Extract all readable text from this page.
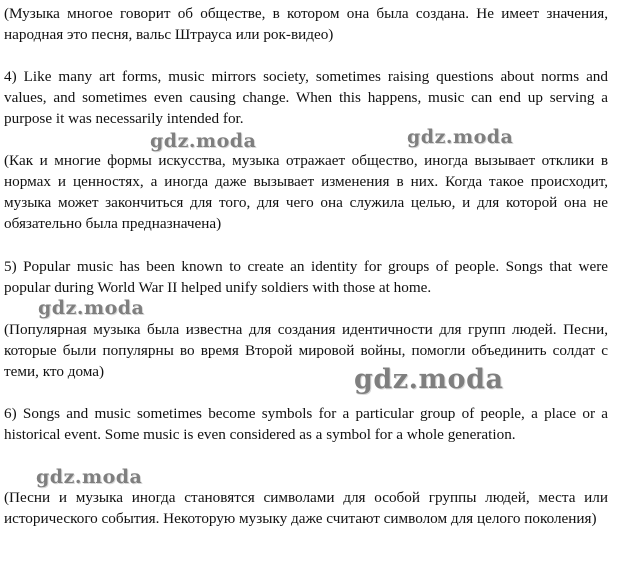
(Музыка многое говорит об обществе, в котором она была создана. Не имеет значения, народная это песня, вальс Штрауса или рок-видео)

4) Like many art forms, music mirrors society, sometimes raising questions about norms and values, and sometimes even causing change. When this happens, music can end up serving a purpose it was necessarily intended for.

(Как и многие формы искусства, музыка отражает общество, иногда вызывает отклики в нормах и ценностях, а иногда даже вызывает изменения в них. Когда такое происходит, музыка может закончиться для того, для чего она служила целью, и для которой она не обязательно была предназначена)

5) Popular music has been known to create an identity for groups of people. Songs that were popular during World War II helped unify soldiers with those at home.

(Популярная музыка была известна для создания идентичности для групп людей. Песни, которые были популярны во время Второй мировой войны, помогли объединить солдат с теми, кто дома)

6) Songs and music sometimes become symbols for a particular group of people, a place or a historical event. Some music is even considered as a symbol for a whole generation.

(Песни и музыка иногда становятся символами для особой группы людей, места или исторического события. Некоторую музыку даже считают символом для целого поколения)

gdz.moda	gdz.moda
gdz.moda
gdz.moda
gdz.moda
